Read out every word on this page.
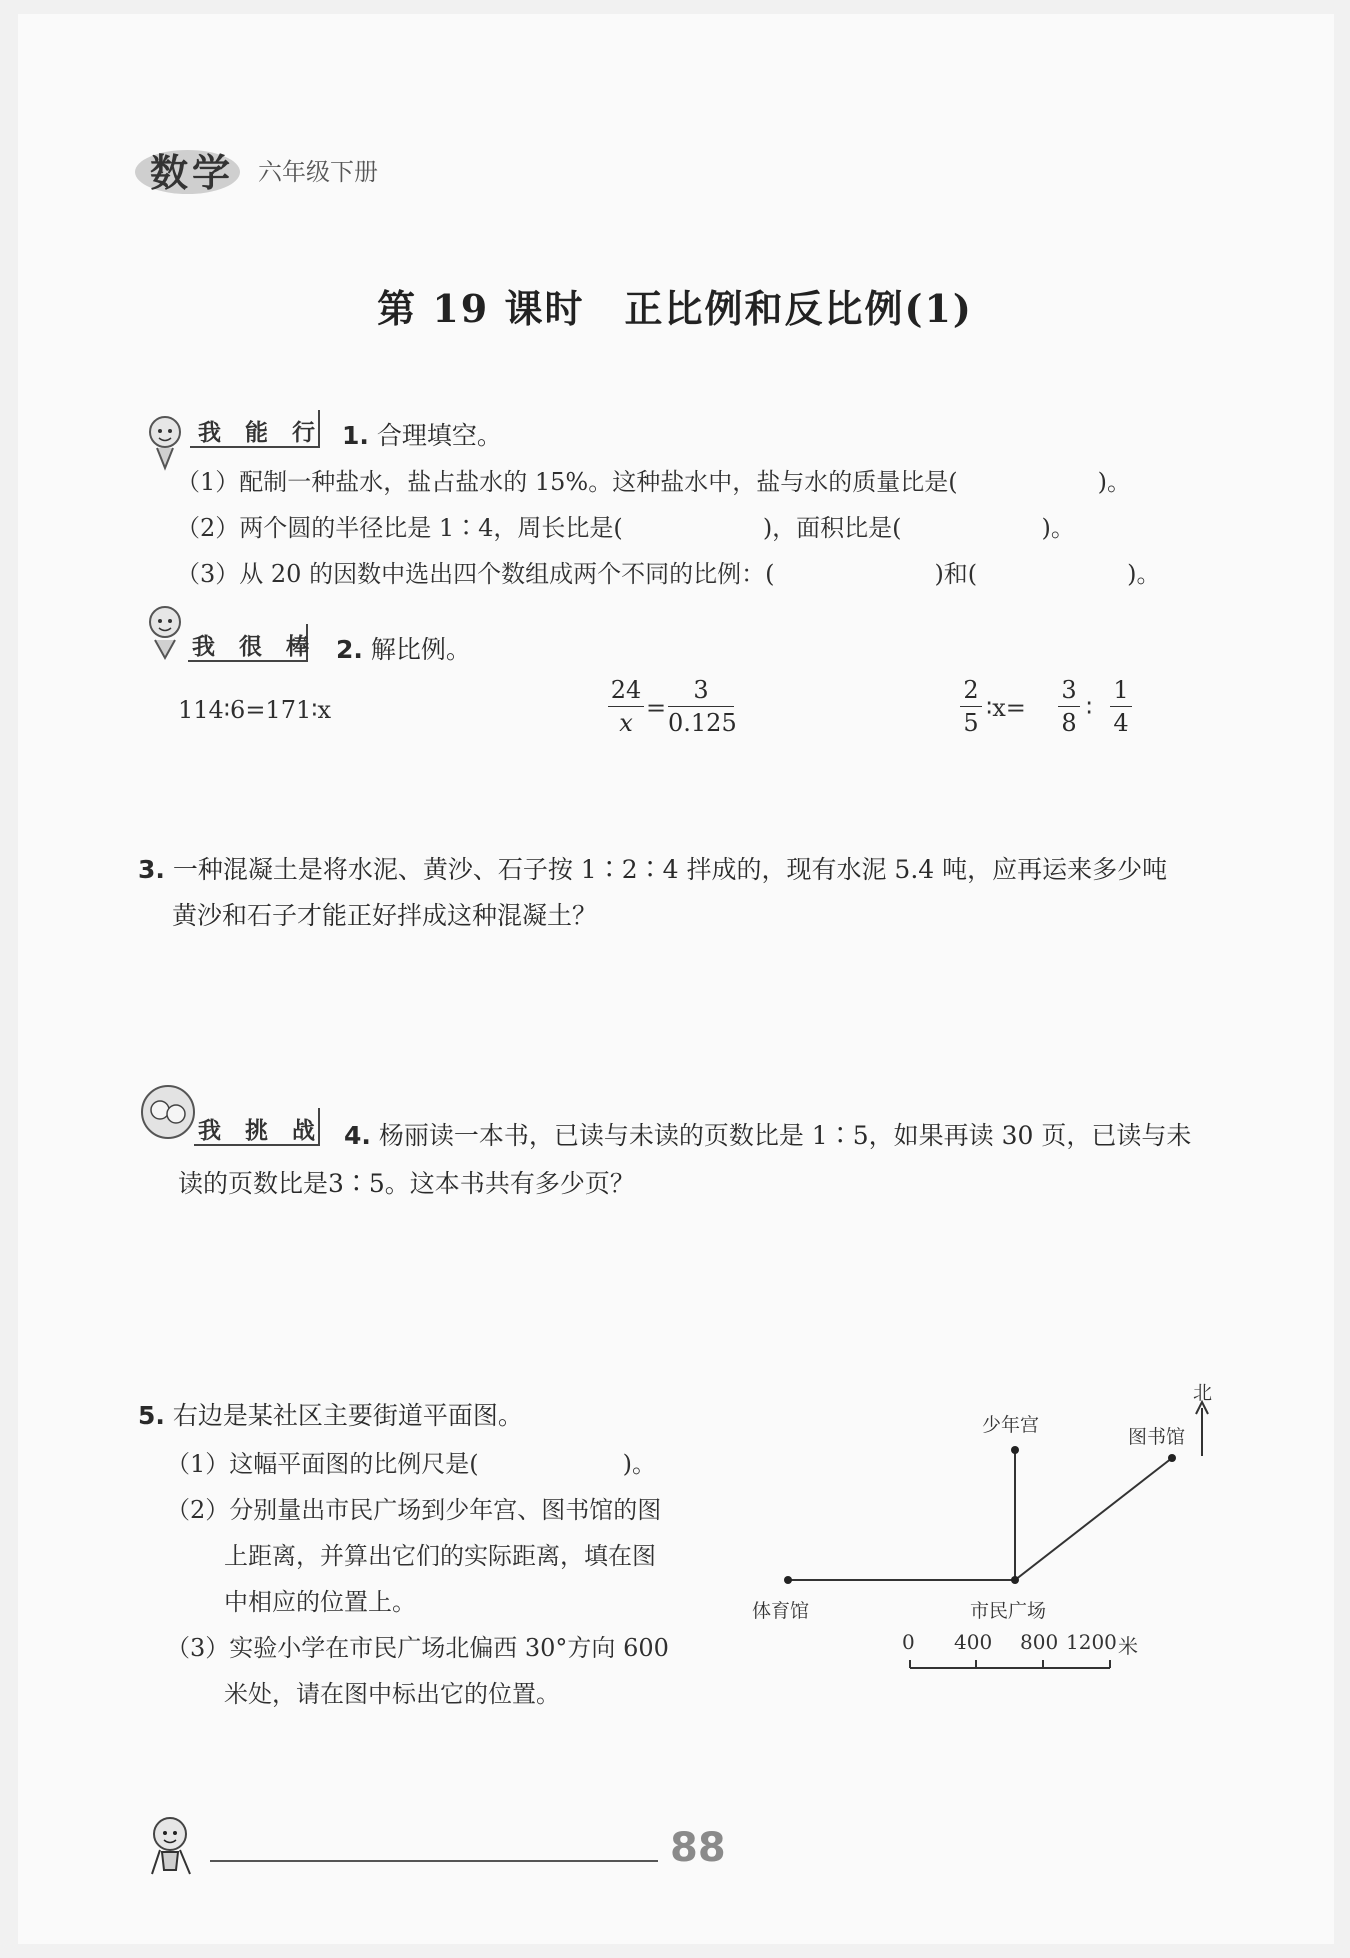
数学 六年级下册
第 19 课时　正比例和反比例(1)
我 能 行 1. 合理填空。
（1）配制一种盐水，盐占盐水的 15%。这种盐水中，盐与水的质量比是(	)。
（2）两个圆的半径比是 1∶4，周长比是(	)，面积比是(	)。
（3）从 20 的因数中选出四个数组成两个不同的比例：(	)和(	)。
我 很 棒 2. 解比例。
114∶6=171∶x
24
x
=
3
0.125
2
5
∶x=
3
8
∶
1
4
3. 一种混凝土是将水泥、黄沙、石子按 1∶2∶4 拌成的，现有水泥 5.4 吨，应再运来多少吨
黄沙和石子才能正好拌成这种混凝土？
我 挑 战 4. 杨丽读一本书，已读与未读的页数比是 1∶5，如果再读 30 页，已读与未
读的页数比是3∶5。这本书共有多少页？
5. 右边是某社区主要街道平面图。
（1）这幅平面图的比例尺是(　　　　　　)。
（2）分别量出市民广场到少年宫、图书馆的图
上距离，并算出它们的实际距离，填在图
中相应的位置上。
（3）实验小学在市民广场北偏西 30°方向 600
米处，请在图中标出它的位置。
北
少年宫
图书馆
体育馆	市民广场
0 400 800 1200 米
88
